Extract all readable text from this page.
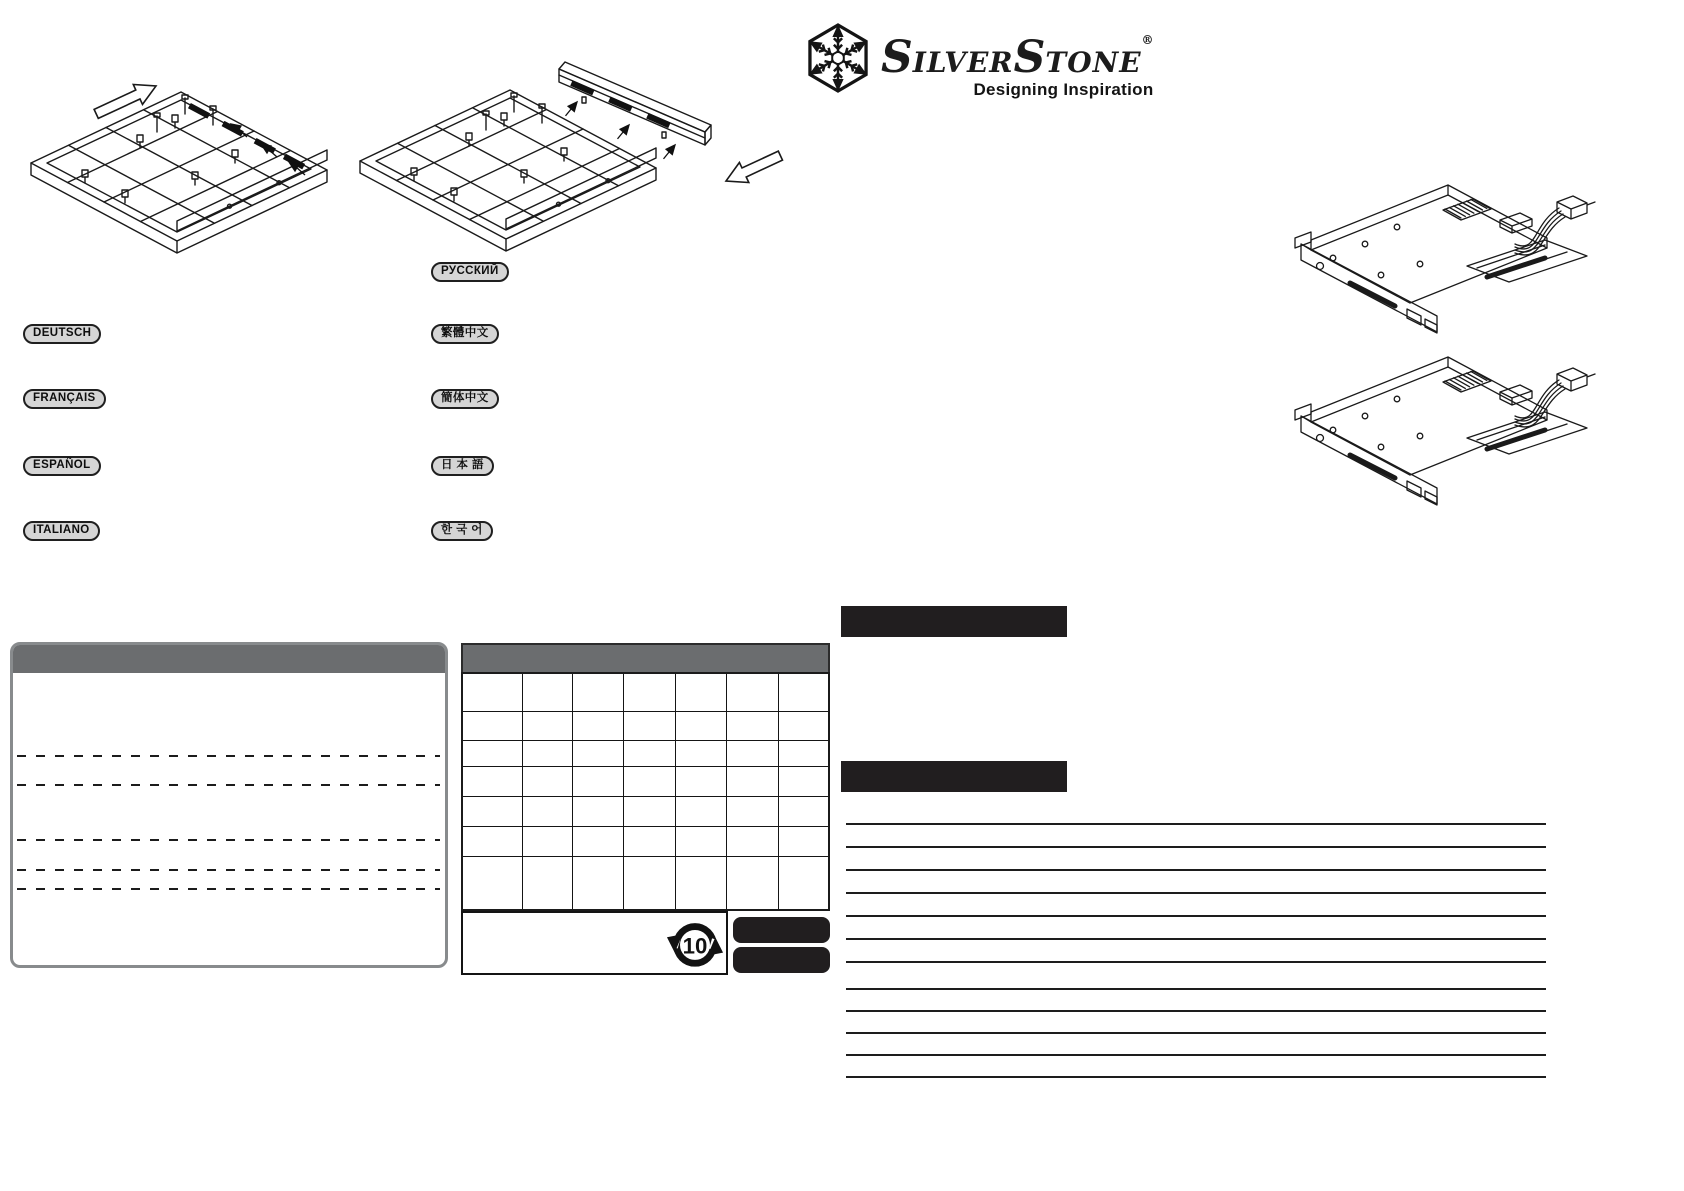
SILVERSTONE®
Designing Inspiration
DEUTSCH
FRANÇAIS
ESPAÑOL
ITALIANO
РУССКИЙ
繁體中文
簡体中文
日 本 語
한 국 어
10
